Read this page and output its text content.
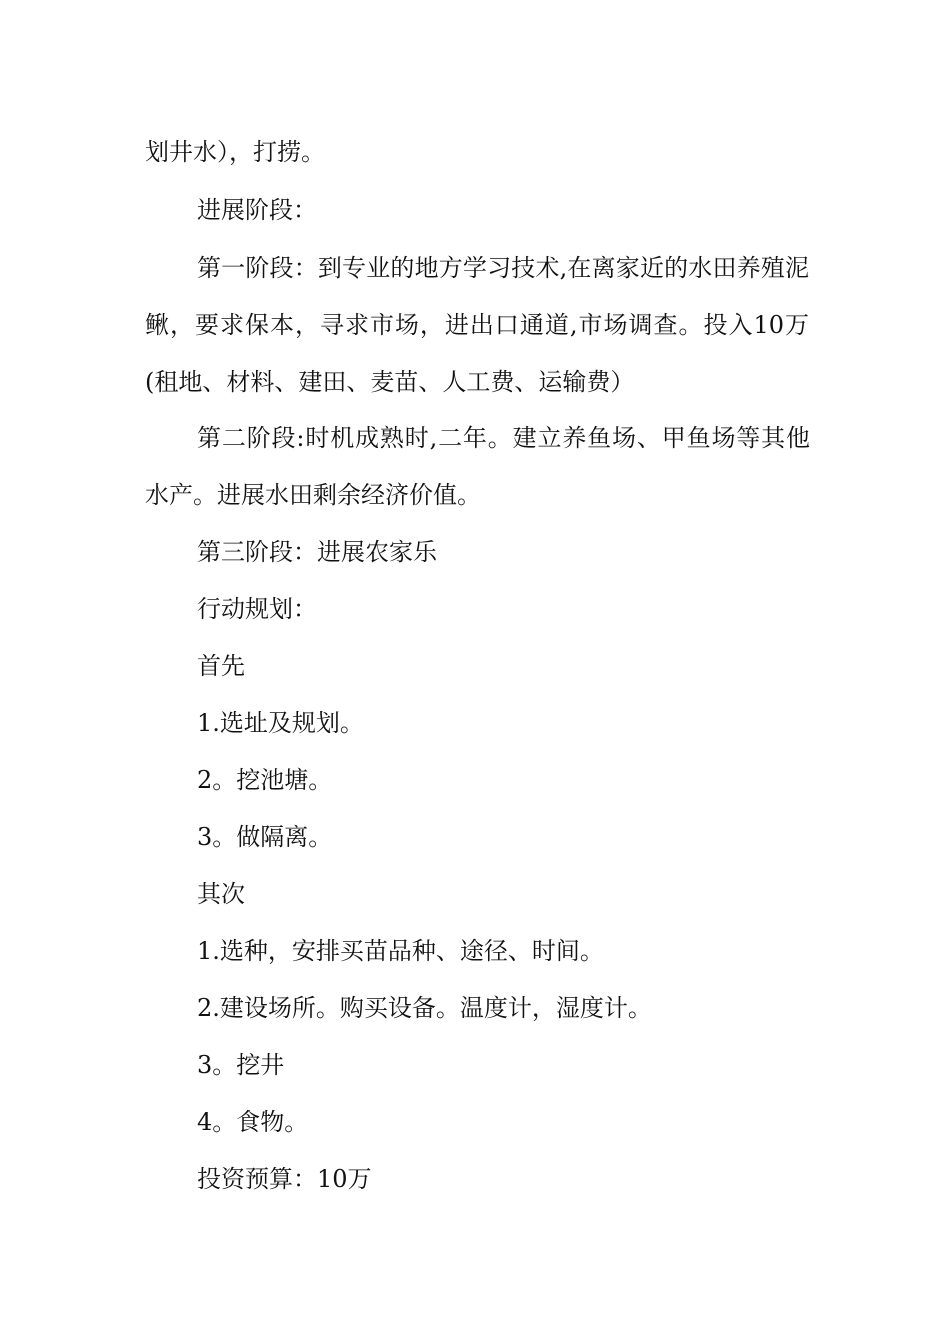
划井水），打捞。
进展阶段：
第一阶段：到专业的地方学习技术,在离家近的水田养殖泥鳅，要求保本，寻求市场，进出口通道,市场调查。投入10万(租地、材料、建田、麦苗、人工费、运输费）
第二阶段:时机成熟时,二年。建立养鱼场、甲鱼场等其他水产。进展水田剩余经济价值。
第三阶段：进展农家乐
行动规划：
首先
1.选址及规划。
2。挖池塘。
3。做隔离。
其次
1.选种，安排买苗品种、途径、时间。
2.建设场所。购买设备。温度计，湿度计。
3。挖井
4。食物。
投资预算：10万
